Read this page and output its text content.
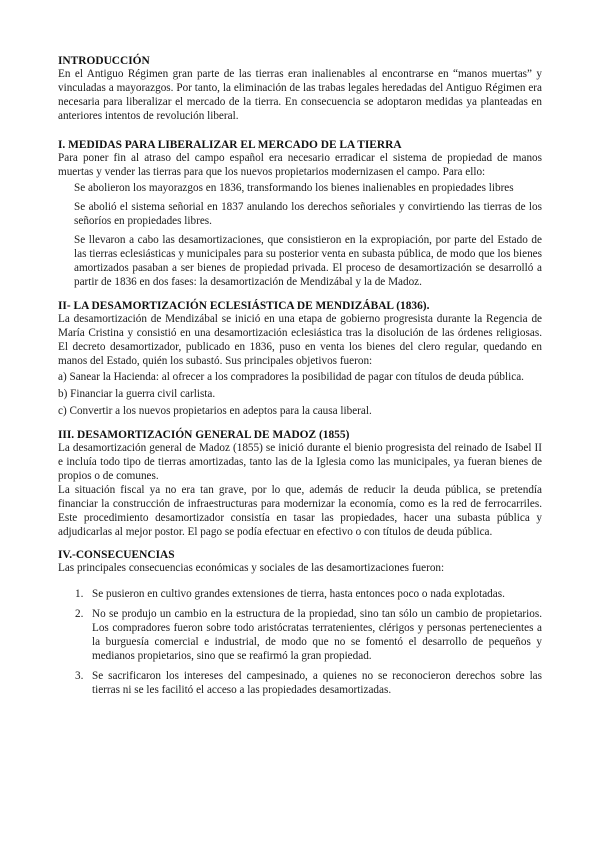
INTRODUCCIÓN

En el Antiguo Régimen gran parte de las tierras eran inalienables al encontrarse en “manos muertas” y vinculadas a mayorazgos. Por tanto, la eliminación de las trabas legales heredadas del Antiguo Régimen era necesaria para liberalizar el mercado de la tierra. En consecuencia se adoptaron medidas ya planteadas en anteriores intentos de revolución liberal.

I. MEDIDAS PARA LIBERALIZAR EL MERCADO DE LA TIERRA

Para poner fin al atraso del campo español era necesario erradicar el sistema de propiedad de manos muertas y vender las tierras para que los nuevos propietarios modernizasen el campo. Para ello:

Se abolieron los mayorazgos en 1836, transformando los bienes inalienables en propiedades libres

Se abolió el sistema señorial en 1837 anulando los derechos señoriales y convirtiendo las tierras de los señoríos en propiedades libres.

Se llevaron a cabo las desamortizaciones, que consistieron en la expropiación, por parte del Estado de las tierras eclesiásticas y municipales para su posterior venta en subasta pública, de modo que los bienes amortizados pasaban a ser bienes de propiedad privada. El proceso de desamortización se desarrolló a partir de 1836 en dos fases: la desamortización de Mendizábal y la de Madoz.

II- LA DESAMORTIZACIÓN ECLESIÁSTICA DE MENDIZÁBAL (1836).

La desamortización de Mendizábal se inició en una etapa de gobierno progresista durante la Regencia de María Cristina y consistió en una desamortización eclesiástica tras la disolución de las órdenes religiosas. El decreto desamortizador, publicado en 1836, puso en venta los bienes del clero regular, quedando en manos del Estado, quién los subastó. Sus principales objetivos fueron:

a) Sanear la Hacienda: al ofrecer a los compradores la posibilidad de pagar con títulos de deuda pública.

b) Financiar la guerra civil carlista.

c) Convertir a los nuevos propietarios en adeptos para la causa liberal.

III. DESAMORTIZACIÓN GENERAL DE MADOZ (1855)

La desamortización general de Madoz (1855) se inició durante el bienio progresista del reinado de Isabel II e incluía todo tipo de tierras amortizadas, tanto las de la Iglesia como las municipales, ya fueran bienes de propios o de comunes.

La situación fiscal ya no era tan grave, por lo que, además de reducir la deuda pública, se pretendía financiar la construcción de infraestructuras para modernizar la economía, como es la red de ferrocarriles. Este procedimiento desamortizador consistía en tasar las propiedades, hacer una subasta pública y adjudicarlas al mejor postor. El pago se podía efectuar en efectivo o con títulos de deuda pública.

IV.-CONSECUENCIAS

Las principales consecuencias económicas y sociales de las desamortizaciones fueron:

1. Se pusieron en cultivo grandes extensiones de tierra, hasta entonces poco o nada explotadas.
2. No se produjo un cambio en la estructura de la propiedad, sino tan sólo un cambio de propietarios. Los compradores fueron sobre todo aristócratas terratenientes, clérigos y personas pertenecientes a la burguesía comercial e industrial, de modo que no se fomentó el desarrollo de pequeños y medianos propietarios, sino que se reafirmó la gran propiedad.
3. Se sacrificaron los intereses del campesinado, a quienes no se reconocieron derechos sobre las tierras ni se les facilitó el acceso a las propiedades desamortizadas.
